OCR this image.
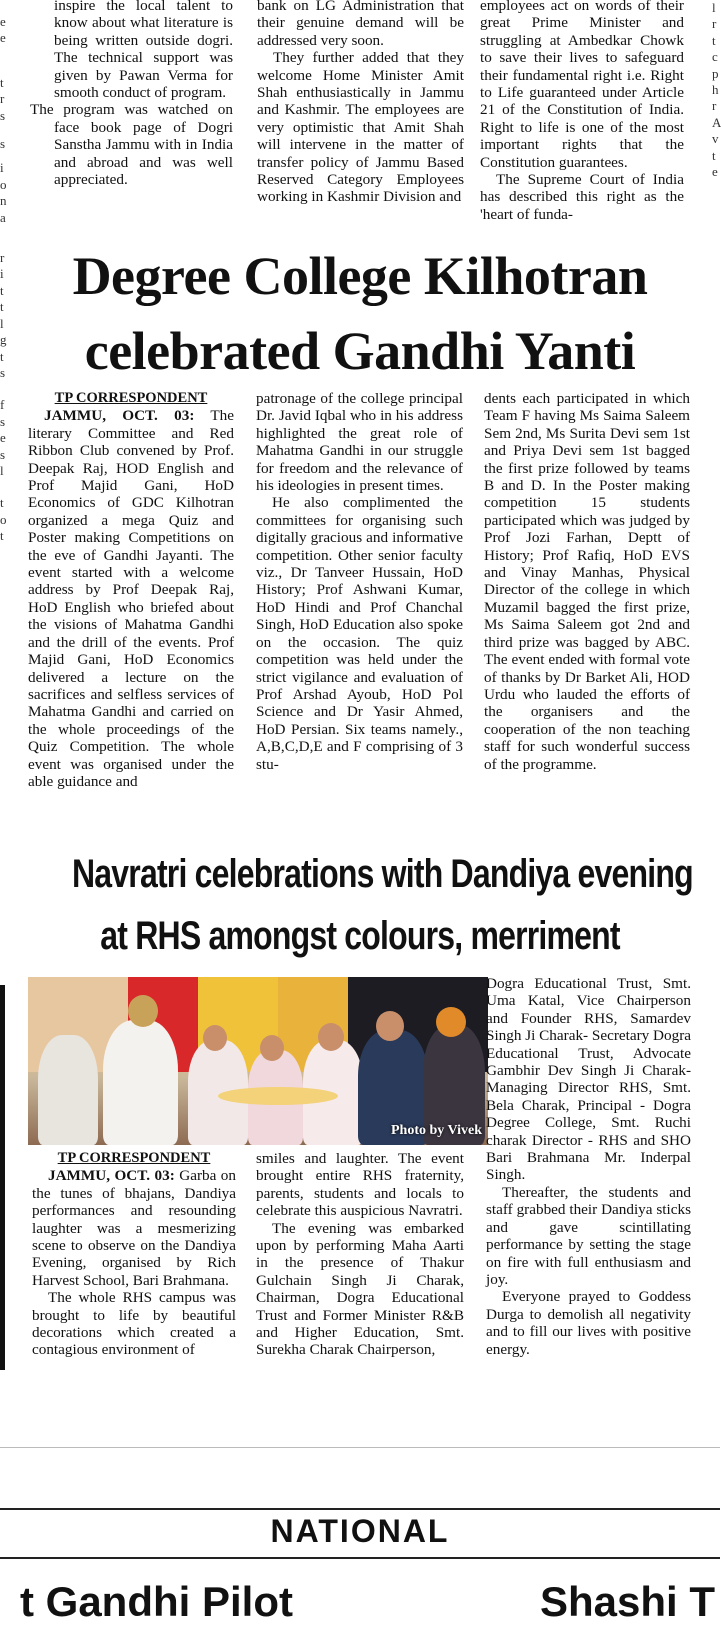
e
e
t
r
s
s
i
o
n
a
r
i
t
t
l
g
t
s
f
s
e
s
l
t
o
t
l
r
t
c
p
h
r
A
v
t
e

inspire the local talent to know about what literature is being written outside dogri. The technical support was given by Pawan Verma for smooth conduct of program.

The program was watched on face book page of Dogri Sanstha Jammu with in India and abroad and was well appreciated.

bank on LG Administration that their genuine demand will be addressed very soon.

They further added that they welcome Home Minister Amit Shah enthusiastically in Jammu and Kashmir. The employees are very optimistic that Amit Shah will intervene in the matter of transfer policy of Jammu Based Reserved Category Employees working in Kashmir Division and

employees act on words of their great Prime Minister and struggling at Ambedkar Chowk to save their lives to safeguard their fundamental right i.e. Right to Life guaranteed under Article 21 of the Constitution of India. Right to life is one of the most important rights that the Constitution guarantees.

The Supreme Court of India has described this right as the 'heart of funda-

Degree College Kilhotran
celebrated Gandhi Yanti
TP CORRESPONDENT

JAMMU, OCT. 03: The literary Committee and Red Ribbon Club convened by Prof. Deepak Raj, HOD English and Prof Majid Gani, HoD Economics of GDC Kilhotran organized a mega Quiz and Poster making Competitions on the eve of Gandhi Jayanti. The event started with a welcome address by Prof Deepak Raj, HoD English who briefed about the visions of Mahatma Gandhi and the drill of the events. Prof Majid Gani, HoD Economics delivered a lecture on the sacrifices and selfless services of Mahatma Gandhi and carried on the whole proceedings of the Quiz Competition. The whole event was organised under the able guidance and

patronage of the college principal Dr. Javid Iqbal who in his address highlighted the great role of Mahatma Gandhi in our struggle for freedom and the relevance of his ideologies in present times.

He also complimented the committees for organising such digitally gracious and informative competition. Other senior faculty viz., Dr Tanveer Hussain, HoD History; Prof Ashwani Kumar, HoD Hindi and Prof Chanchal Singh, HoD Education also spoke on the occasion. The quiz competition was held under the strict vigilance and evaluation of Prof Arshad Ayoub, HoD Pol Science and Dr Yasir Ahmed, HoD Persian. Six teams namely., A,B,C,D,E and F comprising of 3 stu-

dents each participated in which Team F having Ms Saima Saleem Sem 2nd, Ms Surita Devi sem 1st and Priya Devi sem 1st bagged the first prize followed by teams B and D. In the Poster making competition 15 students participated which was judged by Prof Jozi Farhan, Deptt of History; Prof Rafiq, HoD EVS and Vinay Manhas, Physical Director of the college in which Muzamil bagged the first prize, Ms Saima Saleem got 2nd and third prize was bagged by ABC. The event ended with formal vote of thanks by Dr Barket Ali, HOD Urdu who lauded the efforts of the organisers and the cooperation of the non teaching staff for such wonderful success of the programme.

Navratri celebrations with Dandiya evening
at RHS amongst colours, merriment
Photo by Vivek
TP CORRESPONDENT

JAMMU, OCT. 03: Garba on the tunes of bhajans, Dandiya performances and resounding laughter was a mesmerizing scene to observe on the Dandiya Evening, organised by Rich Harvest School, Bari Brahmana.

The whole RHS campus was brought to life by beautiful decorations which created a contagious environment of

smiles and laughter. The event brought entire RHS fraternity, parents, students and locals to celebrate this auspicious Navratri.

The evening was embarked upon by performing Maha Aarti in the presence of Thakur Gulchain Singh Ji Charak, Chairman, Dogra Educational Trust and Former Minister R&B and Higher Education, Smt. Surekha Charak Chairperson,

Dogra Educational Trust, Smt. Uma Katal, Vice Chairperson and Founder RHS, Samardev Singh Ji Charak- Secretary Dogra Educational Trust, Advocate Gambhir Dev Singh Ji Charak- Managing Director RHS, Smt. Bela Charak, Principal - Dogra Degree College, Smt. Ruchi charak Director - RHS and SHO Bari Brahmana Mr. Inderpal Singh.

Thereafter, the students and staff grabbed their Dandiya sticks and gave scintillating performance by setting the stage on fire with full enthusiasm and joy.

Everyone prayed to Goddess Durga to demolish all negativity and to fill our lives with positive energy.

NATIONAL
t Gandhi Pilot	Shashi T
